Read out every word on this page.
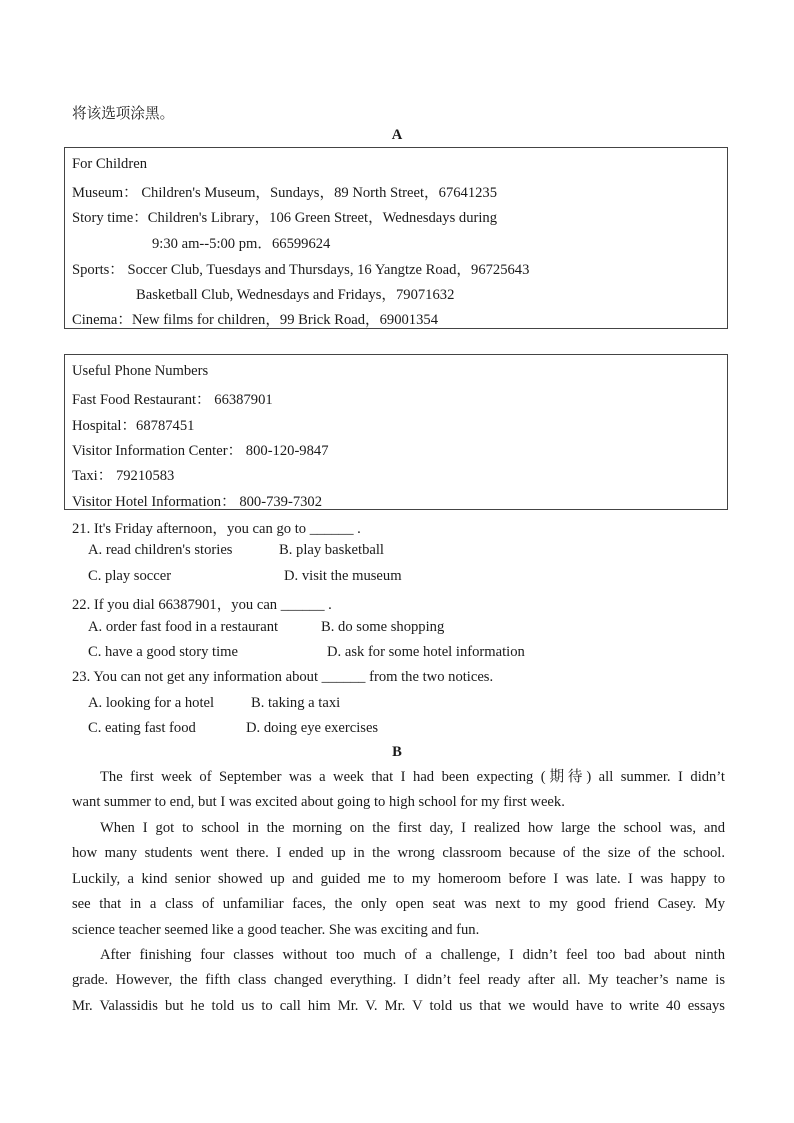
将该选项涂黑。
A
For Children
Museum： Children's Museum，Sundays，89 North Street，67641235
Story time：Children's Library，106 Green Street，Wednesdays during
9:30 am--5:00 pm．66599624
Sports： Soccer Club, Tuesdays and Thursdays, 16 Yangtze Road，96725643
Basketball Club, Wednesdays and Fridays，79071632
Cinema：New films for children，99 Brick Road，69001354
Useful Phone Numbers
Fast Food Restaurant： 66387901
Hospital：68787451
Visitor Information Center： 800-120-9847
Taxi： 79210583
Visitor Hotel Information： 800-739-7302
21. It's Friday afternoon，you can go to ______ .
A. read children's stories	B. play basketball
C. play soccer	D. visit the museum
22. If you dial 66387901，you can ______ .
A. order fast food in a restaurant	B. do some shopping
C. have a good story time	D. ask for some hotel information
23. You can not get any information about ______ from the two notices.
A. looking for a hotel	B. taking a taxi
C. eating fast food	D. doing eye exercises
B
The first week of September was a week that I had been expecting (期待) all summer. I didn’t
want summer to end, but I was excited about going to high school for my first week.
When I got to school in the morning on the first day, I realized how large the school was, and
how many students went there. I ended up in the wrong classroom because of the size of the school.
Luckily, a kind senior showed up and guided me to my homeroom before I was late. I was happy to
see that in a class of unfamiliar faces, the only open seat was next to my good friend Casey. My
science teacher seemed like a good teacher. She was exciting and fun.
After finishing four classes without too much of a challenge, I didn’t feel too bad about ninth
grade. However, the fifth class changed everything. I didn’t feel ready after all. My teacher’s name is
Mr. Valassidis but he told us to call him Mr. V. Mr. V told us that we would have to write 40 essays
